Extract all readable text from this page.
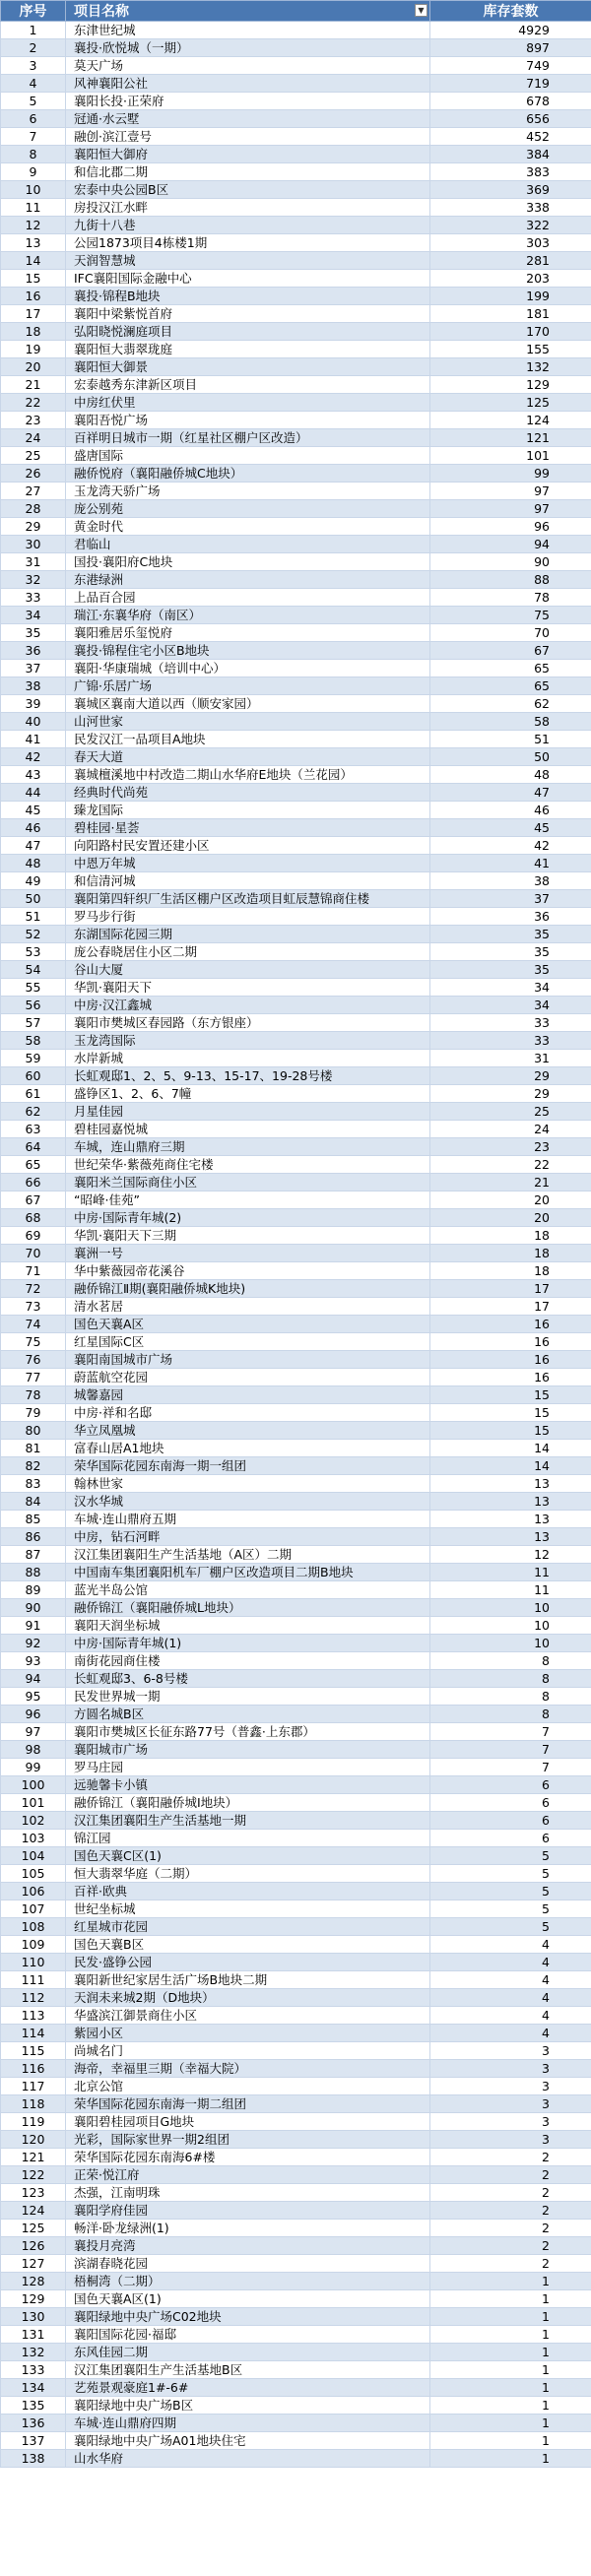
序号	项目名称 ▼	库存套数
1	东津世纪城	4929
2	襄投·欣悦城（一期）	897
3	莫天广场	749
4	风神襄阳公社	719
5	襄阳长投·正荣府	678
6	冠通·水云墅	656
7	融创·滨江壹号	452
8	襄阳恒大御府	384
9	和信北郡二期	383
10	宏泰中央公园B区	369
11	房投汉江水畔	338
12	九街十八巷	322
13	公园1873项目4栋楼1期	303
14	天润智慧城	281
15	IFC襄阳国际金融中心	203
16	襄投·锦程B地块	199
17	襄阳中梁紫悦首府	181
18	弘阳晓悦澜庭项目	170
19	襄阳恒大翡翠珑庭	155
20	襄阳恒大御景	132
21	宏泰越秀东津新区项目	129
22	中房红伏里	125
23	襄阳吾悦广场	124
24	百祥明日城市一期（红星社区棚户区改造）	121
25	盛唐国际	101
26	融侨悦府（襄阳融侨城C地块）	99
27	玉龙湾天骄广场	97
28	庞公别苑	97
29	黄金时代	96
30	君临山	94
31	国投·襄阳府C地块	90
32	东港绿洲	88
33	上品百合园	78
34	瑞江·东襄华府（南区）	75
35	襄阳雅居乐玺悦府	70
36	襄投·锦程住宅小区B地块	67
37	襄阳·华康瑞城（培训中心）	65
38	广锦·乐居广场	65
39	襄城区襄南大道以西（顺安家园）	62
40	山河世家	58
41	民发汉江一品项目A地块	51
42	春天大道	50
43	襄城檀溪地中村改造二期山水华府E地块（兰花园）	48
44	经典时代尚苑	47
45	臻龙国际	46
46	碧桂园·星荟	45
47	向阳路村民安置还建小区	42
48	中恩万年城	41
49	和信清河城	38
50	襄阳第四轩织厂生活区棚户区改造项目虹辰慧锦商住楼	37
51	罗马步行街	36
52	东湖国际花园三期	35
53	庞公春晓居住小区二期	35
54	谷山大厦	35
55	华凯·襄阳天下	34
56	中房·汉江鑫城	34
57	襄阳市樊城区春园路（东方银座）	33
58	玉龙湾国际	33
59	水岸新城	31
60	长虹观邸1、2、5、9-13、15-17、19-28号楼	29
61	盛铮区1、2、6、7幢	29
62	月星佳园	25
63	碧桂园嘉悦城	24
64	车城，连山鼎府三期	23
65	世纪荣华·紫薇苑商住宅楼	22
66	襄阳米兰国际商住小区	21
67	“昭峰·佳苑”	20
68	中房·国际青年城(2)	20
69	华凯·襄阳天下三期	18
70	襄洲一号	18
71	华中紫薇园帝花溪谷	18
72	融侨锦江Ⅱ期(襄阳融侨城K地块)	17
73	清水茗居	17
74	国色天襄A区	16
75	红星国际C区	16
76	襄阳南国城市广场	16
77	蔚蓝航空花园	16
78	城馨嘉园	15
79	中房·祥和名邸	15
80	华立凤凰城	15
81	富春山居A1地块	14
82	荣华国际花园东南海一期一组团	14
83	翰林世家	13
84	汉水华城	13
85	车城·连山鼎府五期	13
86	中房，钻石河畔	13
87	汉江集团襄阳生产生活基地（A区）二期	12
88	中国南车集团襄阳机车厂棚户区改造项目二期B地块	11
89	蓝光半岛公馆	11
90	融侨锦江（襄阳融侨城L地块）	10
91	襄阳天润坐标城	10
92	中房·国际青年城(1)	10
93	南街花园商住楼	8
94	长虹观邸3、6-8号楼	8
95	民发世界城一期	8
96	方圆名城B区	8
97	襄阳市樊城区长征东路77号（普鑫·上东郡）	7
98	襄阳城市广场	7
99	罗马庄园	7
100	远驰馨卡小镇	6
101	融侨锦江（襄阳融侨城I地块）	6
102	汉江集团襄阳生产生活基地一期	6
103	锦江园	6
104	国色天襄C区(1)	5
105	恒大翡翠华庭（二期）	5
106	百祥·欧典	5
107	世纪坐标城	5
108	红星城市花园	5
109	国色天襄B区	4
110	民发·盛铮公园	4
111	襄阳新世纪家居生活广场B地块二期	4
112	天润未来城2期（D地块）	4
113	华盛滨江御景商住小区	4
114	紫园小区	4
115	尚城名门	3
116	海帝，幸福里三期（幸福大院）	3
117	北京公馆	3
118	荣华国际花园东南海一期二组团	3
119	襄阳碧桂园项目G地块	3
120	光彩，国际家世界一期2组团	3
121	荣华国际花园东南海6#楼	2
122	正荣·悦江府	2
123	杰强，江南明珠	2
124	襄阳学府佳园	2
125	畅洋·卧龙绿洲(1)	2
126	襄投月亮湾	2
127	滨湖春晓花园	2
128	梧桐湾（二期）	1
129	国色天襄A区(1)	1
130	襄阳绿地中央广场C02地块	1
131	襄阳国际花园·福邸	1
132	东风佳园二期	1
133	汉江集团襄阳生产生活基地B区	1
134	艺苑景观豪庭1#-6#	1
135	襄阳绿地中央广场B区	1
136	车城·连山鼎府四期	1
137	襄阳绿地中央广场A01地块住宅	1
138	山水华府	1
